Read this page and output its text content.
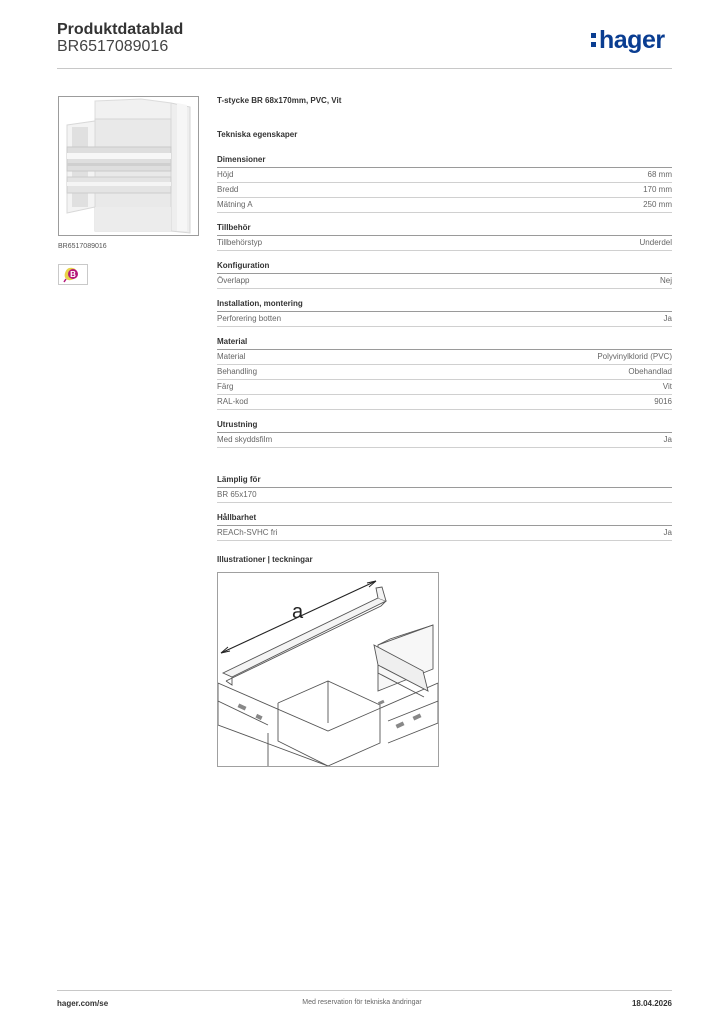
Produktdatablad
BR6517089016	hager
BR6517089016
B
T-stycke BR 68x170mm, PVC, Vit
Tekniska egenskaper
Dimensioner
Höjd	68 mm
Bredd	170 mm
Mätning A	250 mm
Tillbehör
Tillbehörstyp	Underdel
Konfiguration
Överlapp	Nej
Installation, montering
Perforering botten	Ja
Material
Material	Polyvinylklorid (PVC)
Behandling	Obehandlad
Färg	Vit
RAL-kod	9016
Utrustning
Med skyddsfilm	Ja
Lämplig för
BR 65x170
Hållbarhet
REACh-SVHC fri	Ja
Illustrationer | teckningar
a
hager.com/se	Med reservation för tekniska ändringar	18.04.2026
